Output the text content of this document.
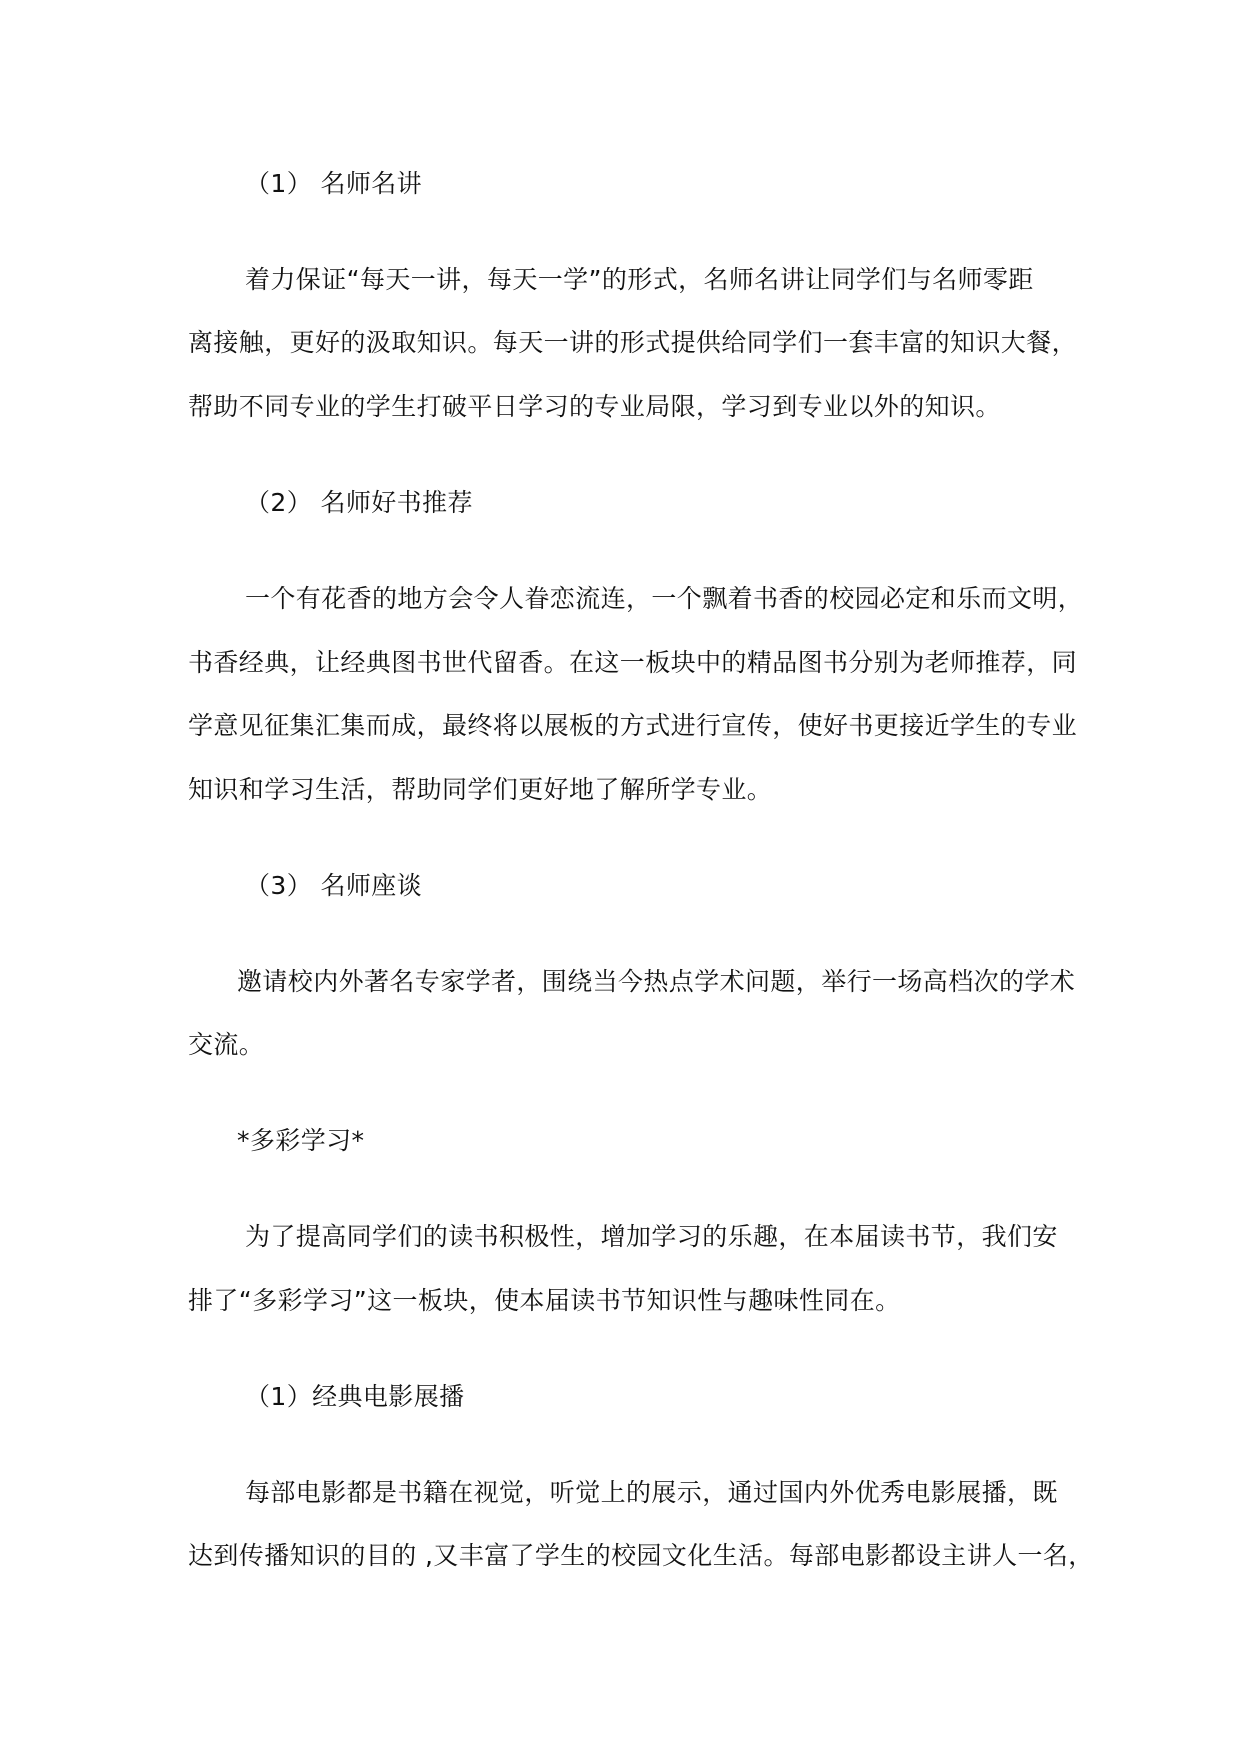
（1） 名师名讲
着力保证“每天一讲，每天一学”的形式，名师名讲让同学们与名师零距
离接触，更好的汲取知识。每天一讲的形式提供给同学们一套丰富的知识大餐，
帮助不同专业的学生打破平日学习的专业局限，学习到专业以外的知识。
（2） 名师好书推荐
一个有花香的地方会令人眷恋流连，一个飘着书香的校园必定和乐而文明，
书香经典，让经典图书世代留香。在这一板块中的精品图书分别为老师推荐，同
学意见征集汇集而成，最终将以展板的方式进行宣传，使好书更接近学生的专业
知识和学习生活，帮助同学们更好地了解所学专业。
（3） 名师座谈
邀请校内外著名专家学者，围绕当今热点学术问题，举行一场高档次的学术
交流。
*多彩学习*
为了提高同学们的读书积极性，增加学习的乐趣，在本届读书节，我们安
排了“多彩学习”这一板块，使本届读书节知识性与趣味性同在。
（1）经典电影展播
每部电影都是书籍在视觉，听觉上的展示，通过国内外优秀电影展播，既
达到传播知识的目的 ,又丰富了学生的校园文化生活。每部电影都设主讲人一名，
